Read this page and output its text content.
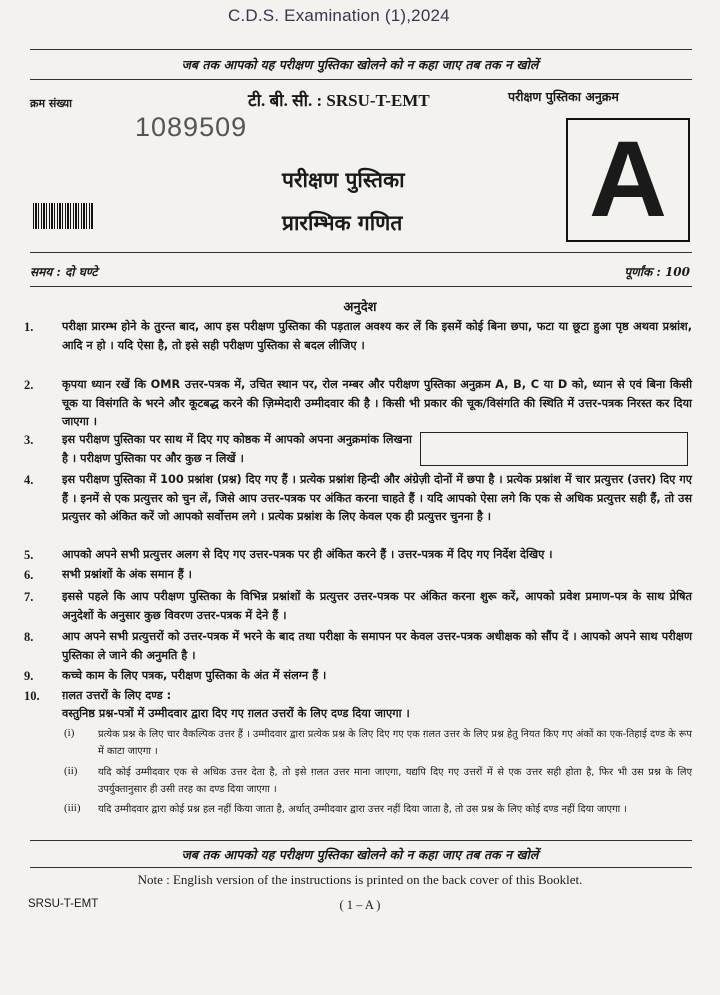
C.D.S. Examination (1),2024
जब तक आपको यह परीक्षण पुस्तिका खोलने को न कहा जाए तब तक न खोलें
क्रम संख्या	टी. बी. सी. : SRSU-T-EMT	परीक्षण पुस्तिका अनुक्रम
1089509
परीक्षण पुस्तिका
प्रारम्भिक गणित A
समय : दो घण्टे	पूर्णांक : 100
अनुदेश
1.	परीक्षा प्रारम्भ होने के तुरन्त बाद, आप इस परीक्षण पुस्तिका की पड़ताल अवश्य कर लें कि इसमें कोई बिना छपा, फटा या छूटा हुआ पृष्ठ अथवा प्रश्नांश, आदि न हो । यदि ऐसा है, तो इसे सही परीक्षण पुस्तिका से बदल लीजिए ।
2.	कृपया ध्यान रखें कि OMR उत्तर-पत्रक में, उचित स्थान पर, रोल नम्बर और परीक्षण पुस्तिका अनुक्रम A, B, C या D को, ध्यान से एवं बिना किसी चूक या विसंगति के भरने और कूटबद्ध करने की ज़िम्मेदारी उम्मीदवार की है । किसी भी प्रकार की चूक/विसंगति की स्थिति में उत्तर-पत्रक निरस्त कर दिया जाएगा ।
3.	इस परीक्षण पुस्तिका पर साथ में दिए गए कोष्ठक में आपको अपना अनुक्रमांक लिखना है । परीक्षण पुस्तिका पर और कुछ न लिखें ।
4.	इस परीक्षण पुस्तिका में 100 प्रश्नांश (प्रश्न) दिए गए हैं । प्रत्येक प्रश्नांश हिन्दी और अंग्रेज़ी दोनों में छपा है । प्रत्येक प्रश्नांश में चार प्रत्युत्तर (उत्तर) दिए गए हैं । इनमें से एक प्रत्युत्तर को चुन लें, जिसे आप उत्तर-पत्रक पर अंकित करना चाहते हैं । यदि आपको ऐसा लगे कि एक से अधिक प्रत्युत्तर सही हैं, तो उस प्रत्युत्तर को अंकित करें जो आपको सर्वोत्तम लगे । प्रत्येक प्रश्नांश के लिए केवल एक ही प्रत्युत्तर चुनना है ।
5.	आपको अपने सभी प्रत्युत्तर अलग से दिए गए उत्तर-पत्रक पर ही अंकित करने हैं । उत्तर-पत्रक में दिए गए निर्देश देखिए ।
6.	सभी प्रश्नांशों के अंक समान हैं ।
7.	इससे पहले कि आप परीक्षण पुस्तिका के विभिन्न प्रश्नांशों के प्रत्युत्तर उत्तर-पत्रक पर अंकित करना शुरू करें, आपको प्रवेश प्रमाण-पत्र के साथ प्रेषित अनुदेशों के अनुसार कुछ विवरण उत्तर-पत्रक में देने हैं ।
8.	आप अपने सभी प्रत्युत्तरों को उत्तर-पत्रक में भरने के बाद तथा परीक्षा के समापन पर केवल उत्तर-पत्रक अधीक्षक को सौंप दें । आपको अपने साथ परीक्षण पुस्तिका ले जाने की अनुमति है ।
9.	कच्चे काम के लिए पत्रक, परीक्षण पुस्तिका के अंत में संलग्न हैं ।
10.	ग़लत उत्तरों के लिए दण्ड :
वस्तुनिष्ठ प्रश्न-पत्रों में उम्मीदवार द्वारा दिए गए ग़लत उत्तरों के लिए दण्ड दिया जाएगा ।
(i)	प्रत्येक प्रश्न के लिए चार वैकल्पिक उत्तर हैं । उम्मीदवार द्वारा प्रत्येक प्रश्न के लिए दिए गए एक ग़लत उत्तर के लिए प्रश्न हेतु नियत किए गए अंकों का एक-तिहाई दण्ड के रूप में काटा जाएगा ।
(ii)	यदि कोई उम्मीदवार एक से अधिक उत्तर देता है, तो इसे ग़लत उत्तर माना जाएगा, यद्यपि दिए गए उत्तरों में से एक उत्तर सही होता है, फिर भी उस प्रश्न के लिए उपर्युक्तानुसार ही उसी तरह का दण्ड दिया जाएगा ।
(iii)	यदि उम्मीदवार द्वारा कोई प्रश्न हल नहीं किया जाता है, अर्थात् उम्मीदवार द्वारा उत्तर नहीं दिया जाता है, तो उस प्रश्न के लिए कोई दण्ड नहीं दिया जाएगा ।
जब तक आपको यह परीक्षण पुस्तिका खोलने को न कहा जाए तब तक न खोलें
Note : English version of the instructions is printed on the back cover of this Booklet.
SRSU-T-EMT	( 1 – A )
